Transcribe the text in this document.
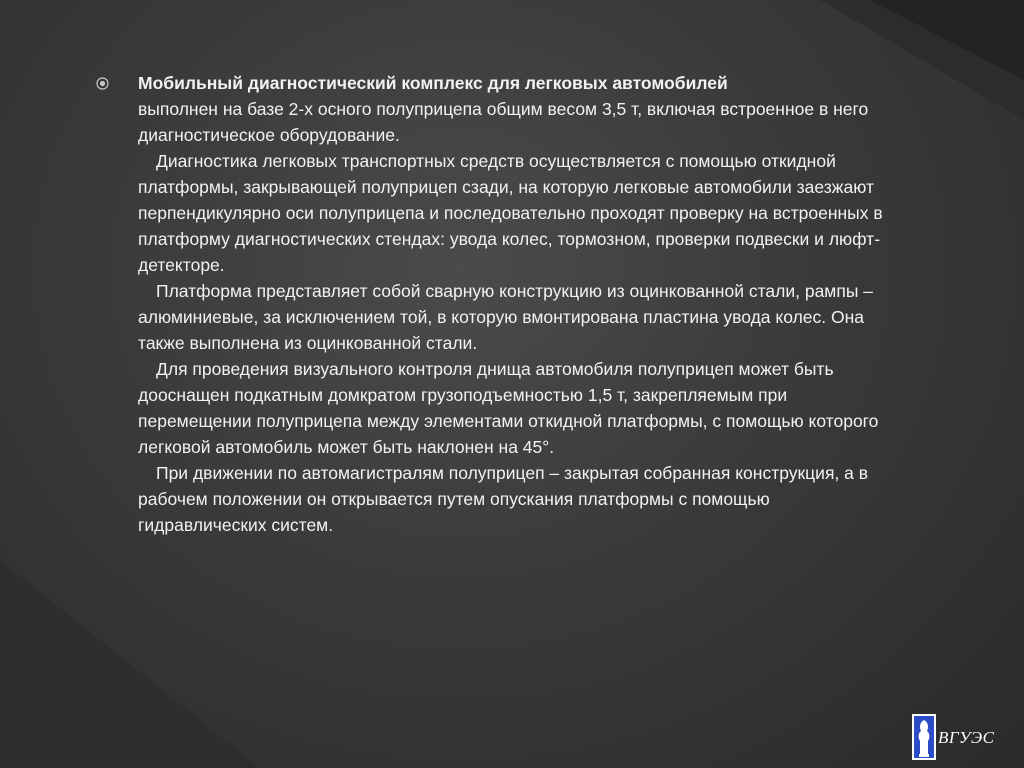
Мобильный диагностический комплекс для легковых автомобилей
выполнен на базе 2-х осного полуприцепа общим весом 3,5 т, включая встроенное в него диагностическое оборудование.

Диагностика легковых транспортных средств осуществляется с помощью откидной платформы, закрывающей полуприцеп сзади, на которую легковые автомобили заезжают перпендикулярно оси полуприцепа и последовательно проходят проверку на встроенных в платформу диагностических стендах: увода колес, тормозном, проверки подвески и люфт-детекторе.

Платформа представляет собой сварную конструкцию из оцинкованной стали, рампы – алюминиевые, за исключением той, в которую вмонтирована пластина увода колес. Она также выполнена из оцинкованной стали.

Для проведения визуального контроля днища автомобиля полуприцеп может быть дооснащен подкатным домкратом грузоподъемностью 1,5 т, закрепляемым при перемещении полуприцепа между элементами откидной платформы, с помощью которого легковой автомобиль может быть наклонен на 45°.

При движении по автомагистралям полуприцеп – закрытая собранная конструкция, а в рабочем положении он открывается путем опускания платформы с помощью гидравлических систем.

ВГУЭС
